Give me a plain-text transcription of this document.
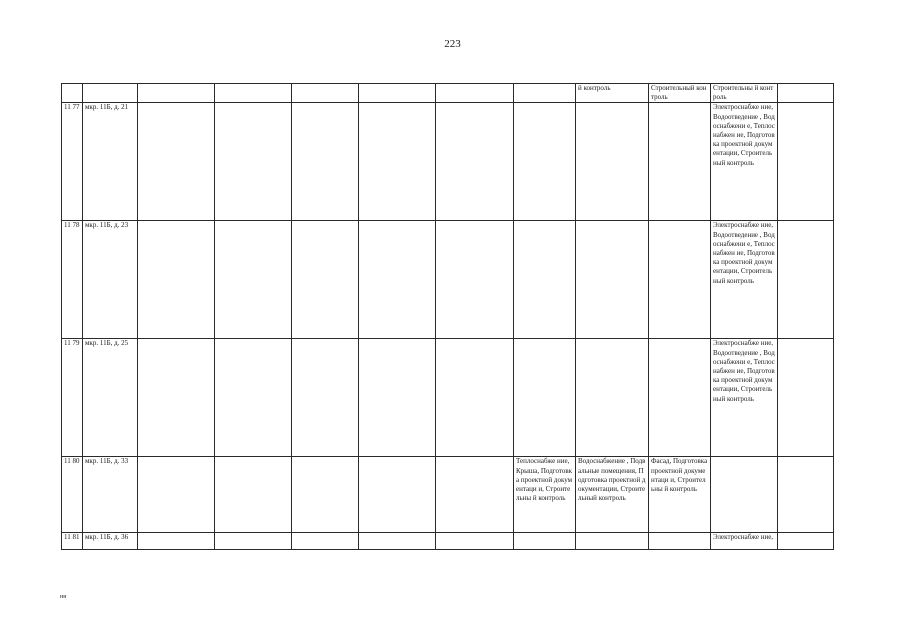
223
								й контроль	Строительный контроль	Строительны й контроль	
11 77	мкр. 11Б, д. 21									Электроснабже ние, Водоотведение , Водоснабжени е, Теплоснабжен ие, Подготовка проектной документации, Строительный контроль	
11 78	мкр. 11Б, д. 23									Электроснабже ние, Водоотведение , Водоснабжени е, Теплоснабжен ие, Подготовка проектной документации, Строительный контроль	
11 79	мкр. 11Б, д. 25									Электроснабже ние, Водоотведение , Водоснабжени е, Теплоснабжен ие, Подготовка проектной документации, Строительный контроль	
11 80	мкр. 11Б, д. 33						Теплоснабже ние, Крыша, Подготовка проектной документаци и, Строительны й контроль	Водоснабжение , Подвальные помещения, Подготовка проектной документации, Строительный контроль	Фасад, Подготовка проектной документаци и, Строительны й контроль		
11 81	мкр. 11Б, д. 36									Электроснабже ние,	
нн
